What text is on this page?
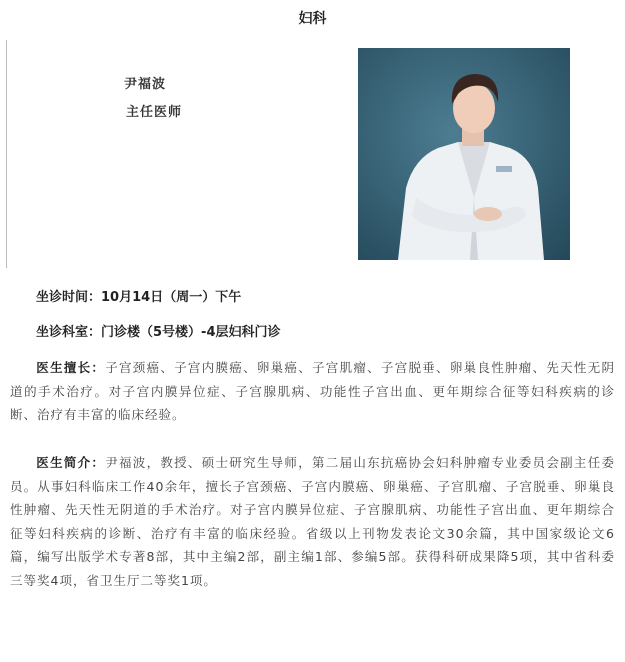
妇科
尹福波
主任医师
坐诊时间：10月14日（周一）下午
坐诊科室：门诊楼（5号楼）-4层妇科门诊

医生擅长：子宫颈癌、子宫内膜癌、卵巢癌、子宫肌瘤、子宫脱垂、卵巢良性肿瘤、先天性无阴道的手术治疗。对子宫内膜异位症、子宫腺肌病、功能性子宫出血、更年期综合征等妇科疾病的诊断、治疗有丰富的临床经验。

医生简介：尹福波，教授、硕士研究生导师，第二届山东抗癌协会妇科肿瘤专业委员会副主任委员。从事妇科临床工作40余年，擅长子宫颈癌、子宫内膜癌、卵巢癌、子宫肌瘤、子宫脱垂、卵巢良性肿瘤、先天性无阴道的手术治疗。对子宫内膜异位症、子宫腺肌病、功能性子宫出血、更年期综合征等妇科疾病的诊断、治疗有丰富的临床经验。省级以上刊物发表论文30余篇，其中国家级论文6篇，编写出版学术专著8部，其中主编2部，副主编1部、参编5部。获得科研成果降5项，其中省科委三等奖4项，省卫生厅二等奖1项。
